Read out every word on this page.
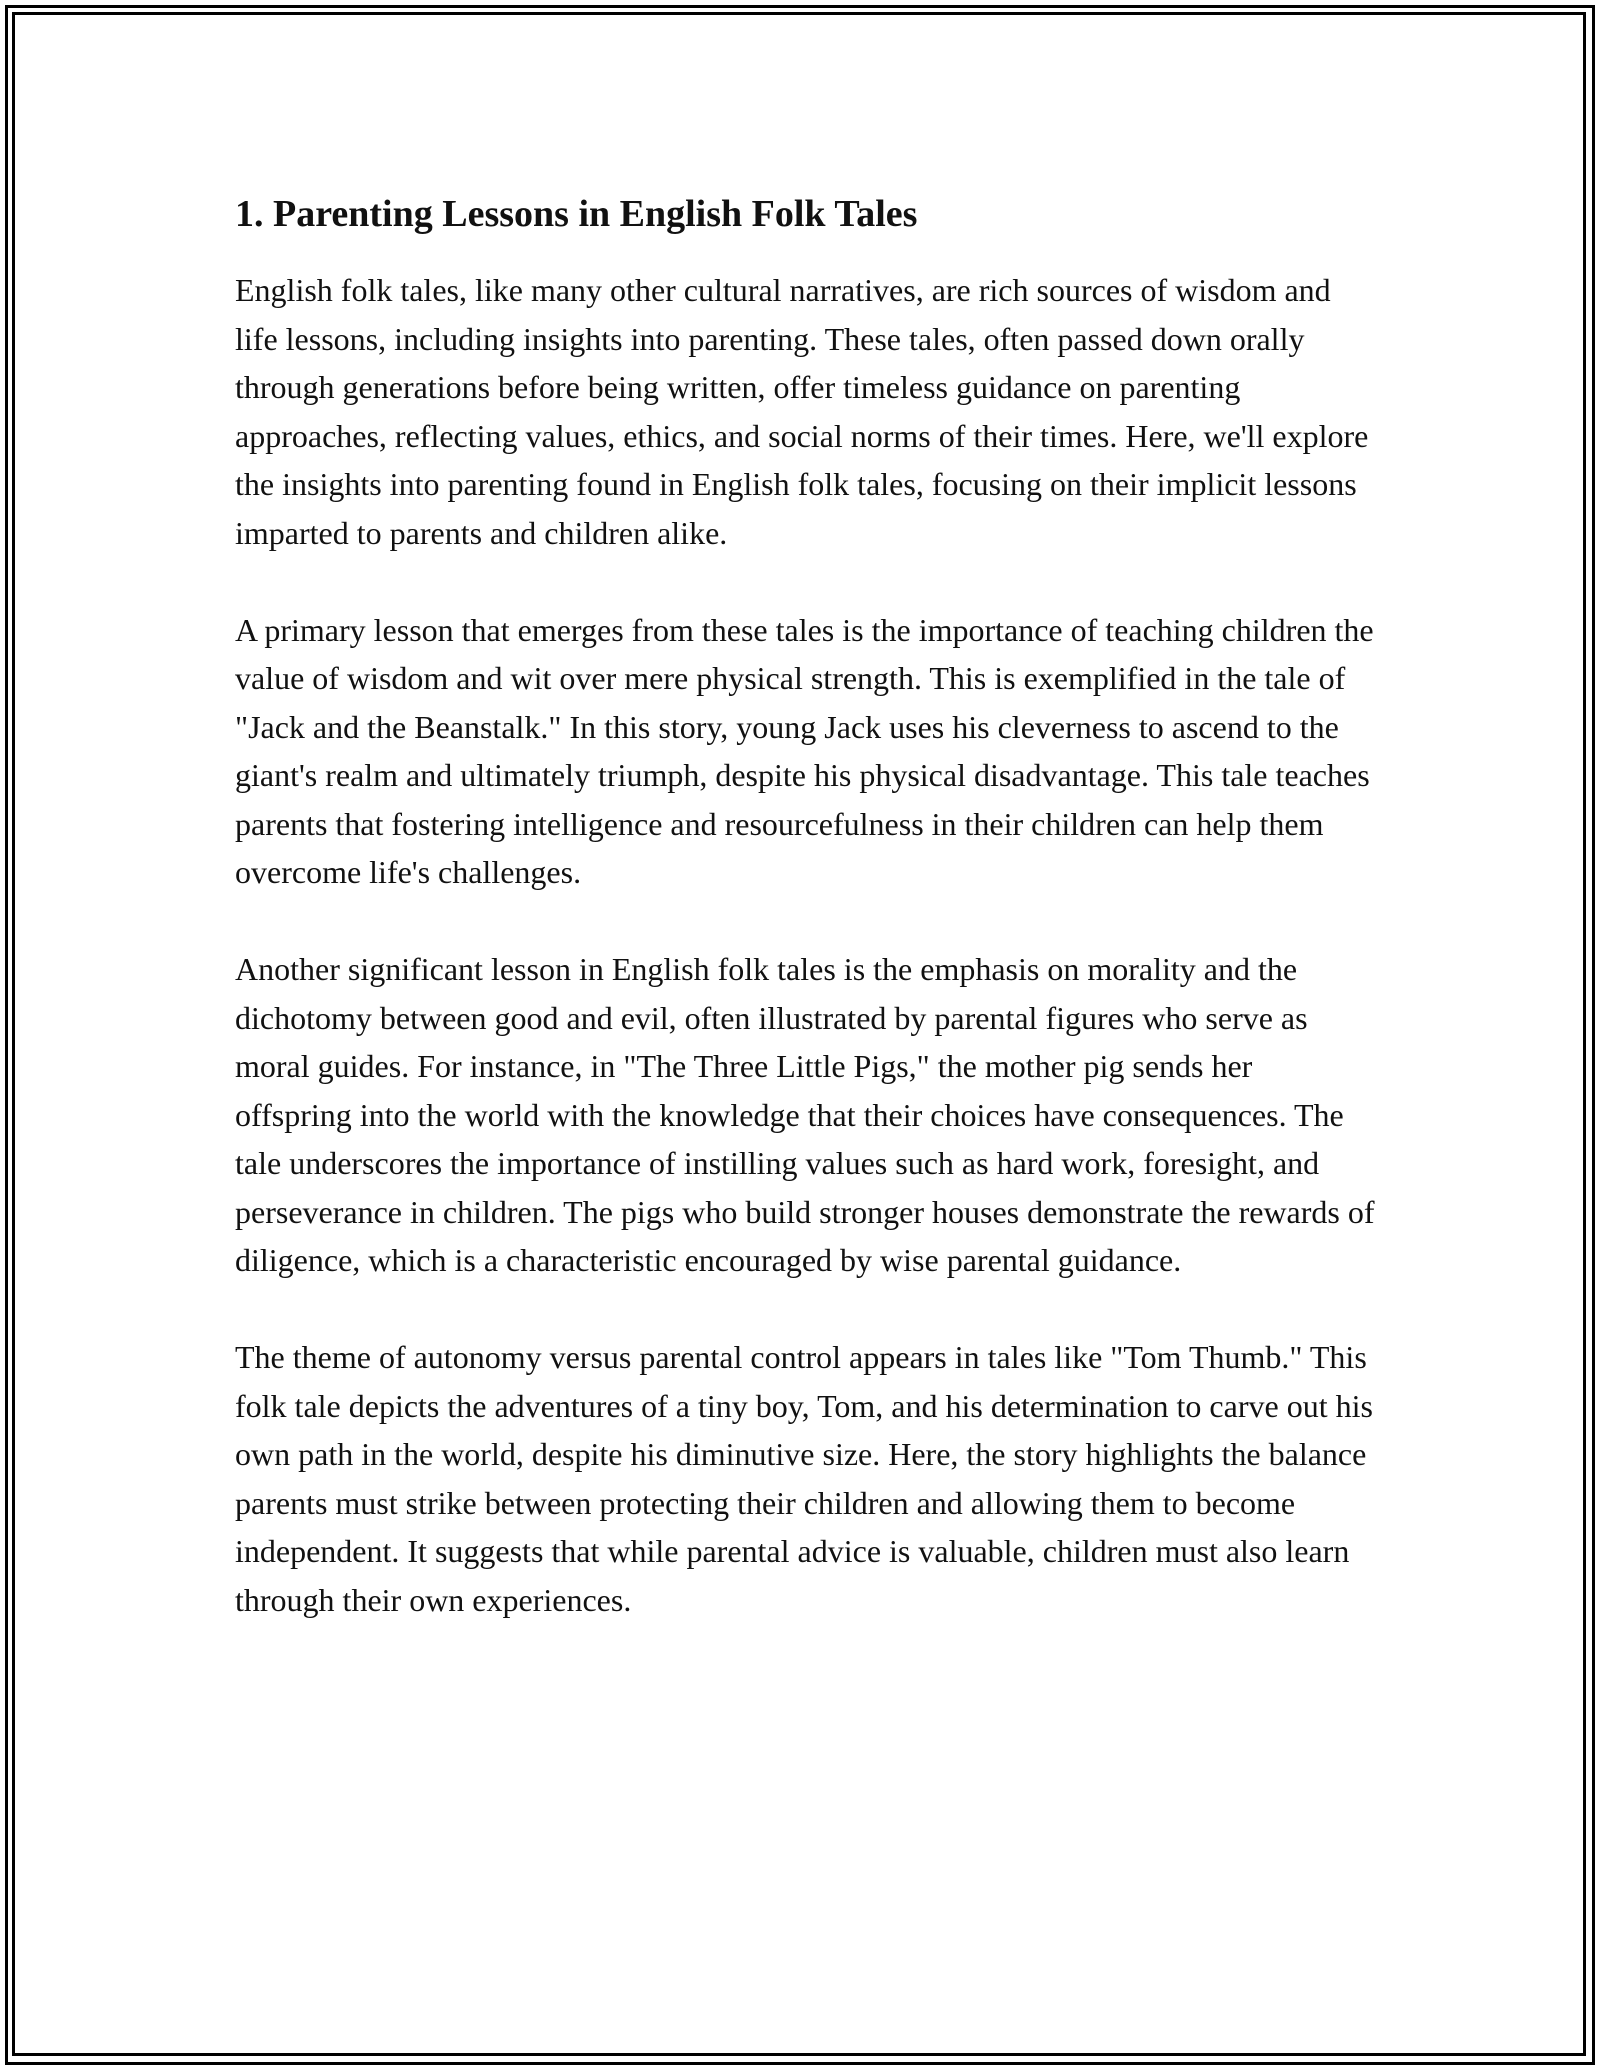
1. Parenting Lessons in English Folk Tales

English folk tales, like many other cultural narratives, are rich sources of wisdom and life lessons, including insights into parenting. These tales, often passed down orally through generations before being written, offer timeless guidance on parenting approaches, reflecting values, ethics, and social norms of their times. Here, we'll explore the insights into parenting found in English folk tales, focusing on their implicit lessons imparted to parents and children alike.

A primary lesson that emerges from these tales is the importance of teaching children the value of wisdom and wit over mere physical strength. This is exemplified in the tale of "Jack and the Beanstalk." In this story, young Jack uses his cleverness to ascend to the giant's realm and ultimately triumph, despite his physical disadvantage. This tale teaches parents that fostering intelligence and resourcefulness in their children can help them overcome life's challenges.

Another significant lesson in English folk tales is the emphasis on morality and the dichotomy between good and evil, often illustrated by parental figures who serve as moral guides. For instance, in "The Three Little Pigs," the mother pig sends her offspring into the world with the knowledge that their choices have consequences. The tale underscores the importance of instilling values such as hard work, foresight, and perseverance in children. The pigs who build stronger houses demonstrate the rewards of diligence, which is a characteristic encouraged by wise parental guidance.

The theme of autonomy versus parental control appears in tales like "Tom Thumb." This folk tale depicts the adventures of a tiny boy, Tom, and his determination to carve out his own path in the world, despite his diminutive size. Here, the story highlights the balance parents must strike between protecting their children and allowing them to become independent. It suggests that while parental advice is valuable, children must also learn through their own experiences.
